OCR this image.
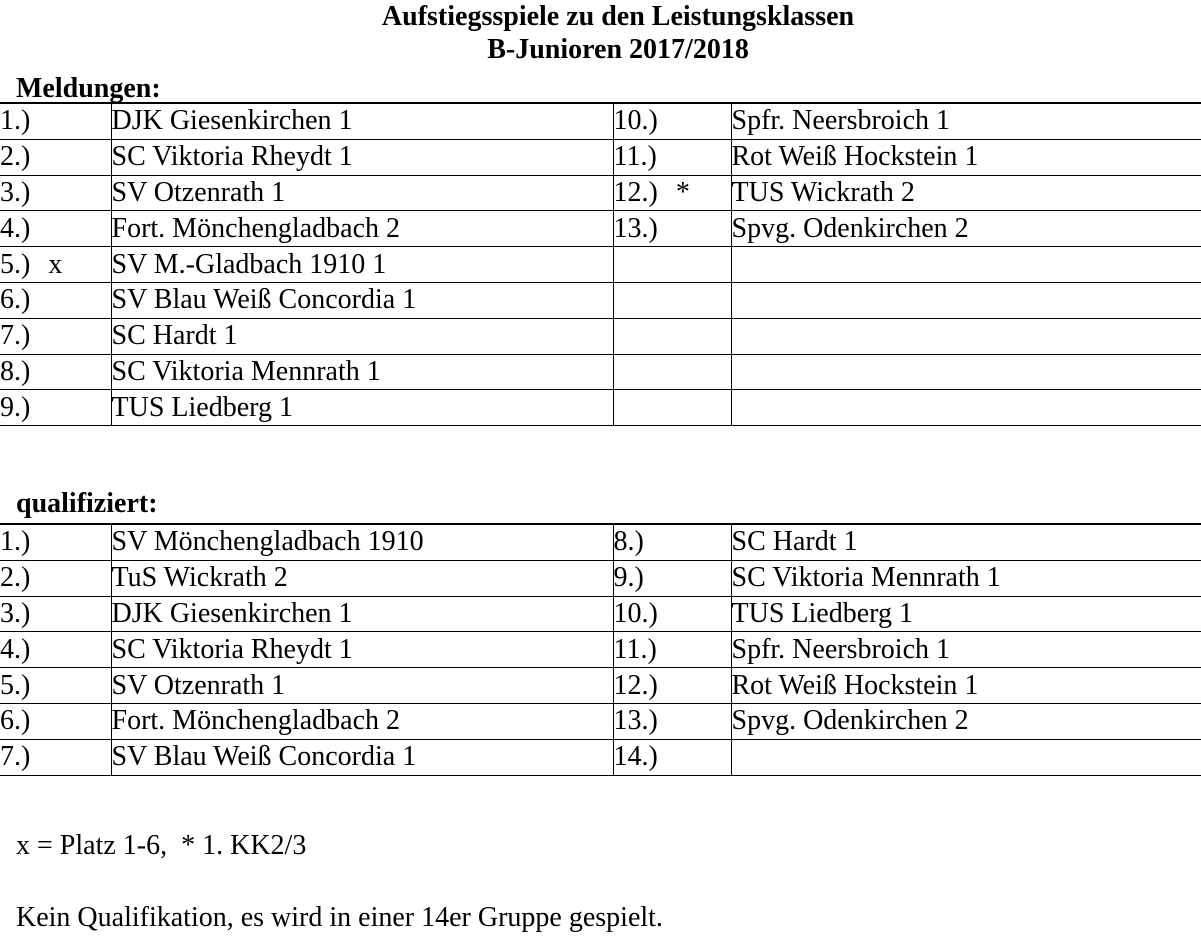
Aufstiegsspiele zu den Leistungsklassen
B-Junioren 2017/2018
Meldungen:
1.)	DJK Giesenkirchen 1	10.)	Spfr. Neersbroich 1
2.)	SC Viktoria Rheydt 1	11.)	Rot Weiß Hockstein 1
3.)	SV Otzenrath 1	12.) *	TUS Wickrath 2
4.)	Fort. Mönchengladbach 2	13.)	Spvg. Odenkirchen 2
5.) x	SV M.-Gladbach 1910 1		
6.)	SV Blau Weiß Concordia 1		
7.)	SC Hardt 1		
8.)	SC Viktoria Mennrath 1		
9.)	TUS Liedberg 1		
qualifiziert:
1.)	SV Mönchengladbach 1910	8.)	SC Hardt 1
2.)	TuS Wickrath 2	9.)	SC Viktoria Mennrath 1
3.)	DJK Giesenkirchen 1	10.)	TUS Liedberg 1
4.)	SC Viktoria Rheydt 1	11.)	Spfr. Neersbroich 1
5.)	SV Otzenrath 1	12.)	Rot Weiß Hockstein 1
6.)	Fort. Mönchengladbach 2	13.)	Spvg. Odenkirchen 2
7.)	SV Blau Weiß Concordia 1	14.)	
x = Platz 1-6,  * 1. KK2/3
Kein Qualifikation, es wird in einer 14er Gruppe gespielt.
